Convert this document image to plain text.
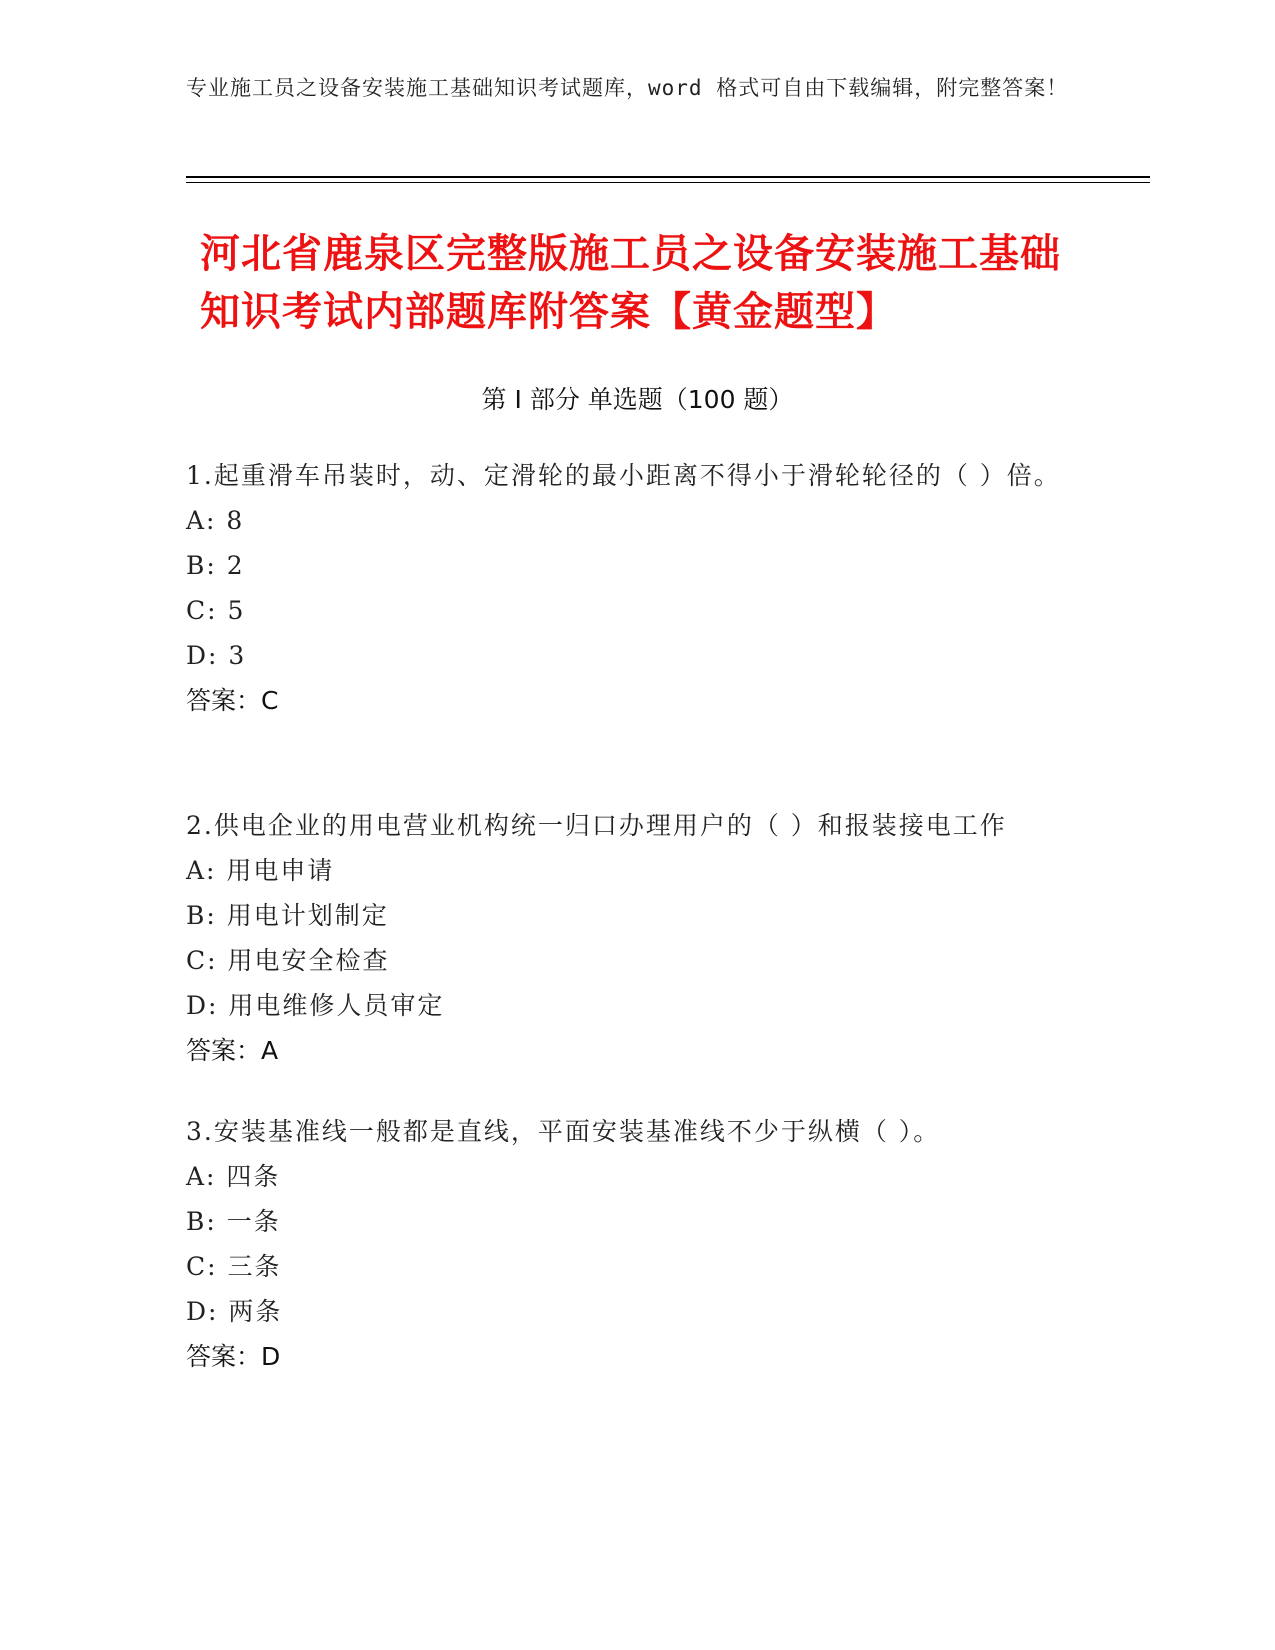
专业施工员之设备安装施工基础知识考试题库，word 格式可自由下载编辑，附完整答案！
河北省鹿泉区完整版施工员之设备安装施工基础知识考试内部题库附答案【黄金题型】
第 I 部分 单选题（100 题）
1.起重滑车吊装时，动、定滑轮的最小距离不得小于滑轮轮径的（ ）倍。
A: 8
B: 2
C: 5
D: 3
答案：C
2.供电企业的用电营业机构统一归口办理用户的（ ）和报装接电工作
A: 用电申请
B: 用电计划制定
C: 用电安全检查
D: 用电维修人员审定
答案：A
3.安装基准线一般都是直线，平面安装基准线不少于纵横（ ）。
A: 四条
B: 一条
C: 三条
D: 两条
答案：D
